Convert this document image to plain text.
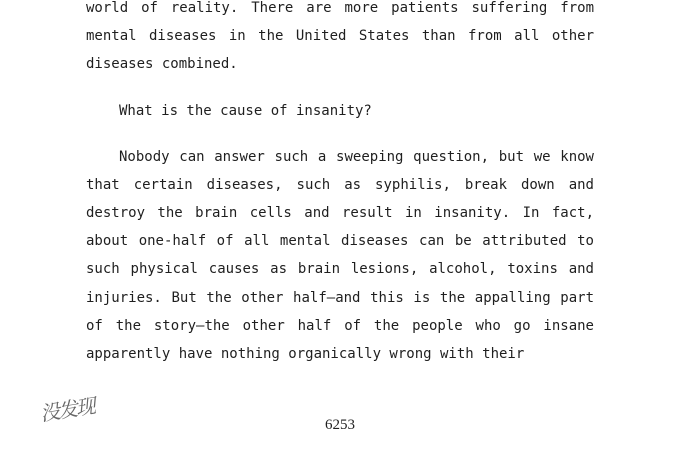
world of reality. There are more patients suffering from
mental diseases in the United States than from all other
diseases combined.
What is the cause of insanity?
Nobody can answer such a sweeping question, but we know
that certain diseases, such as syphilis, break down and
destroy the brain cells and result in insanity. In fact,
about one-half of all mental diseases can be attributed to
such physical causes as brain lesions, alcohol, toxins and
injuries. But the other half—and this is the appalling part
of the story—the other half of the people who go insane
apparently have nothing organically wrong with their
6253
没发现
